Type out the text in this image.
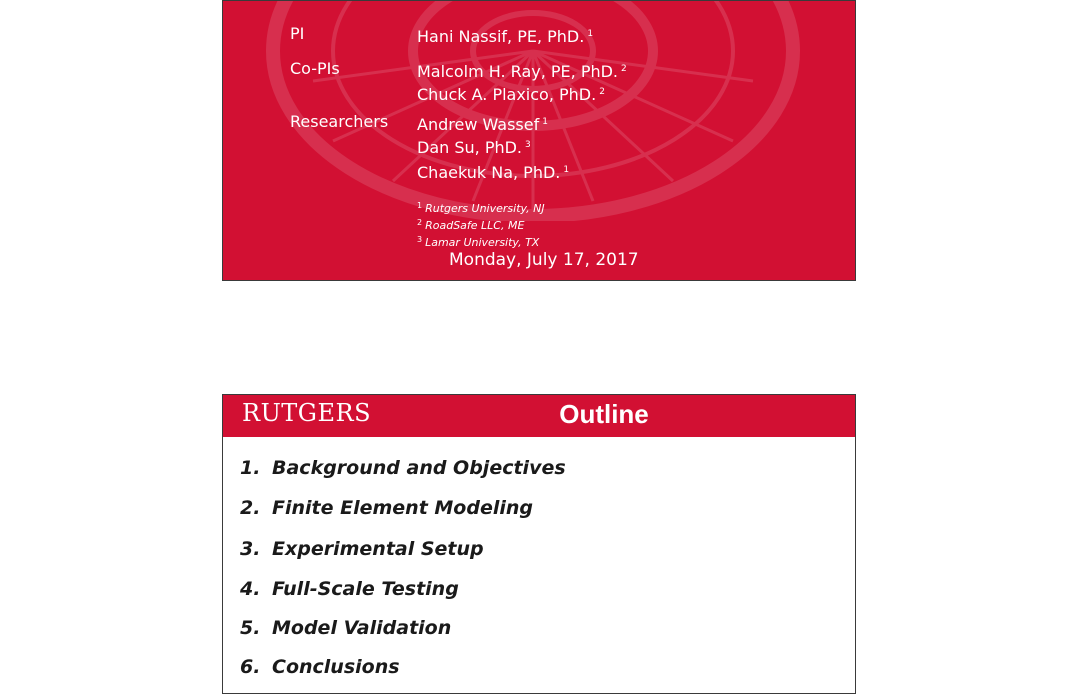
PI	Hani Nassif, PE, PhD. $^1$
Co-PIs	Malcolm H. Ray, PE, PhD. $^2$
Chuck A. Plaxico, PhD. $^2$
Researchers Andrew Wassef $^1$
Dan Su, PhD. $^3$
Chaekuk Na, PhD. $^1$
$^1$ Rutgers University, NJ
$^2$ RoadSafe LLC, ME
$^3$ Lamar University, TX
Monday, July 17, 2017
RUTGERS	Outline
1. Background and Objectives
2. Finite Element Modeling
3. Experimental Setup
4. Full-Scale Testing
5. Model Validation
6. Conclusions
